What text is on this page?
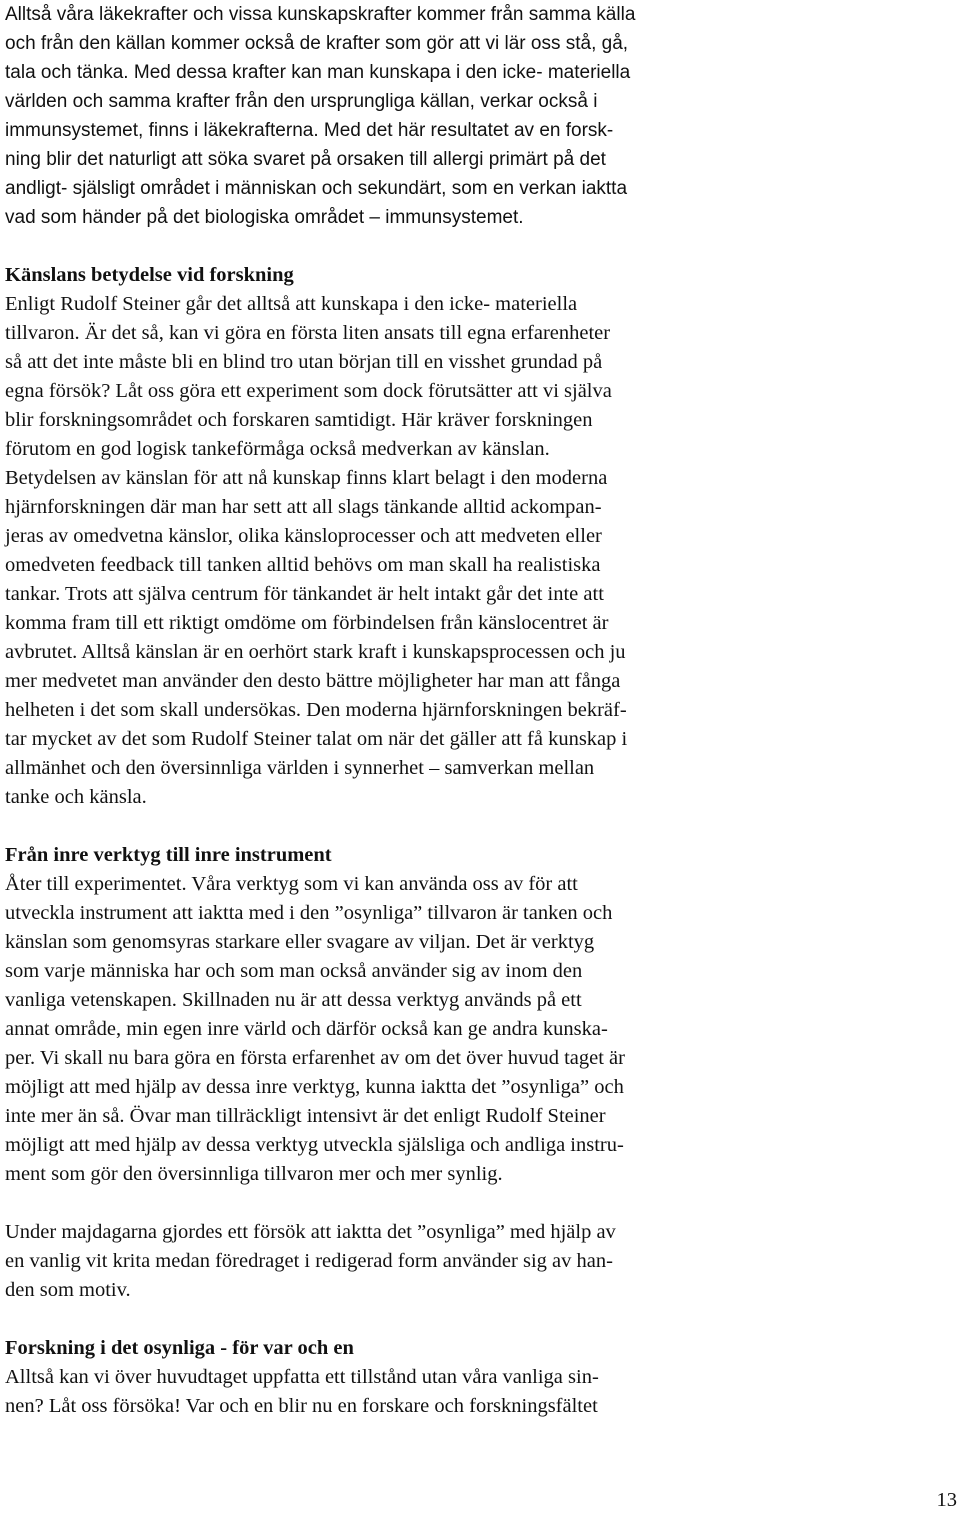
Alltså våra läkekrafter och vissa kunskapskrafter kommer från samma källa
och från den källan kommer också de krafter som gör att vi lär oss stå, gå,
tala och tänka. Med dessa krafter kan man kunskapa i den icke- materiella
världen och samma krafter från den ursprungliga källan, verkar också i
immunsystemet, finns i läkekrafterna. Med det här resultatet av en forsk-
ning blir det naturligt att söka svaret på orsaken till allergi primärt på det
andligt- själsligt området i människan och sekundärt, som en verkan iaktta
vad som händer på det biologiska området – immunsystemet.

Känslans betydelse vid forskning

Enligt Rudolf Steiner går det alltså att kunskapa i den icke- materiella
tillvaron. Är det så, kan vi göra en första liten ansats till egna erfarenheter
så att det inte måste bli en blind tro utan början till en visshet grundad på
egna försök? Låt oss göra ett experiment som dock förutsätter att vi själva
blir forskningsområdet och forskaren samtidigt. Här kräver forskningen
förutom en god logisk tankeförmåga också medverkan av känslan.
Betydelsen av känslan för att nå kunskap finns klart belagt i den moderna
hjärnforskningen där man har sett att all slags tänkande alltid ackompan-
jeras av omedvetna känslor, olika känsloprocesser och att medveten eller
omedveten feedback till tanken alltid behövs om man skall ha realistiska
tankar. Trots att själva centrum för tänkandet är helt intakt går det inte att
komma fram till ett riktigt omdöme om förbindelsen från känslocentret är
avbrutet. Alltså känslan är en oerhört stark kraft i kunskapsprocessen och ju
mer medvetet man använder den desto bättre möjligheter har man att fånga
helheten i det som skall undersökas. Den moderna hjärnforskningen bekräf-
tar mycket av det som Rudolf Steiner talat om när det gäller att få kunskap i
allmänhet och den översinnliga världen i synnerhet – samverkan mellan
tanke och känsla.

Från inre verktyg till inre instrument

Åter till experimentet. Våra verktyg som vi kan använda oss av för att
utveckla instrument att iaktta med i den ”osynliga” tillvaron är tanken och
känslan som genomsyras starkare eller svagare av viljan. Det är verktyg
som varje människa har och som man också använder sig av inom den
vanliga vetenskapen. Skillnaden nu är att dessa verktyg används på ett
annat område, min egen inre värld och därför också kan ge andra kunska-
per. Vi skall nu bara göra en första erfarenhet av om det över huvud taget är
möjligt att med hjälp av dessa inre verktyg, kunna iaktta det ”osynliga” och
inte mer än så. Övar man tillräckligt intensivt är det enligt Rudolf Steiner
möjligt att med hjälp av dessa verktyg utveckla själsliga och andliga instru-
ment som gör den översinnliga tillvaron mer och mer synlig.

Under majdagarna gjordes ett försök att iaktta det ”osynliga” med hjälp av
en vanlig vit krita medan föredraget i redigerad form använder sig av han-
den som motiv.

Forskning i det osynliga - för var och en

Alltså kan vi över huvudtaget uppfatta ett tillstånd utan våra vanliga sin-
nen? Låt oss försöka! Var och en blir nu en forskare och forskningsfältet

13
